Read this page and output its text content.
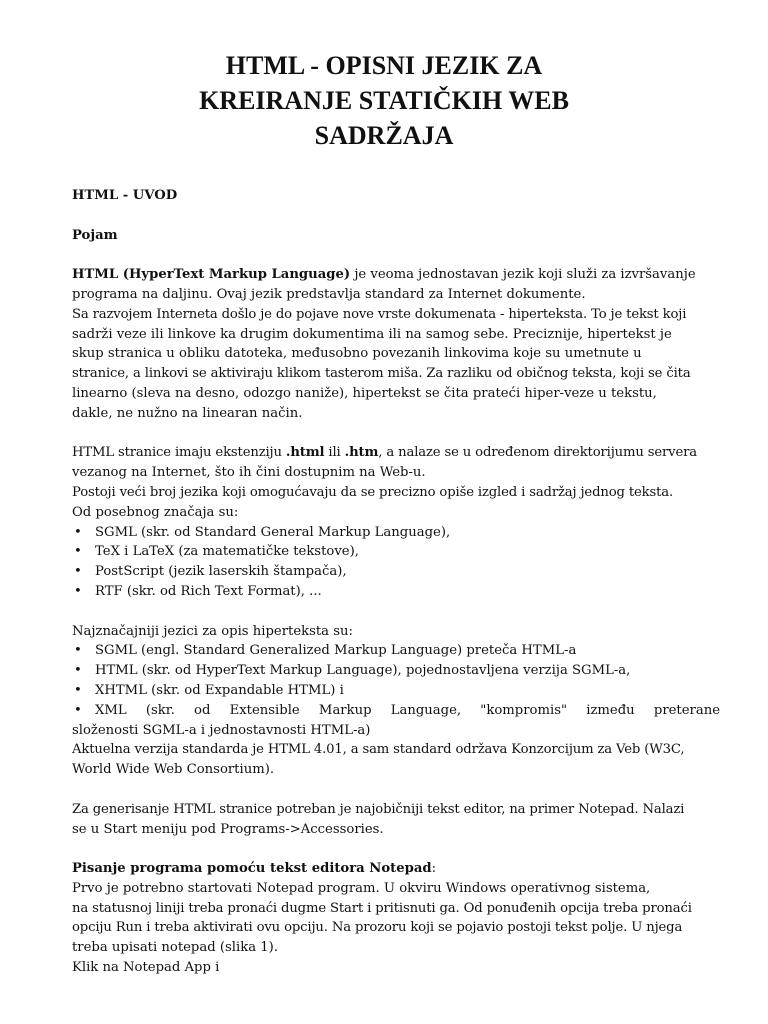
HTML - OPISNI JEZIK ZA
KREIRANJE STATIČKIH WEB
SADRŽAJA

HTML - UVOD

Pojam

HTML (HyperText Markup Language) je veoma jednostavan jezik koji služi za izvršavanje

programa na daljinu. Ovaj jezik predstavlja standard za Internet dokumente.

Sa razvojem Interneta došlo je do pojave nove vrste dokumenata - hiperteksta. To je tekst koji

sadrži veze ili linkove ka drugim dokumentima ili na samog sebe. Preciznije, hipertekst je

skup stranica u obliku datoteka, međusobno povezanih linkovima koje su umetnute u

stranice, a linkovi se aktiviraju klikom tasterom miša. Za razliku od običnog teksta, koji se čita

linearno (sleva na desno, odozgo naniže), hipertekst se čita prateći hiper-veze u tekstu,

dakle, ne nužno na linearan način.

HTML stranice imaju ekstenziju .html ili .htm, a nalaze se u određenom direktorijumu servera

vezanog na Internet, što ih čini dostupnim na Web-u.

Postoji veći broj jezika koji omogućavaju da se precizno opiše izgled i sadržaj jednog teksta.

Od posebnog značaja su:

• SGML (skr. od Standard General Markup Language),
• TeX i LaTeX (za matematičke tekstove),
• PostScript (jezik laserskih štampača),
• RTF (skr. od Rich Text Format), ...

Najznačajniji jezici za opis hiperteksta su:

• SGML (engl. Standard Generalized Markup Language) preteča HTML-a
• HTML (skr. od HyperText Markup Language), pojednostavljena verzija SGML-a,
• XHTML (skr. od Expandable HTML) i
• XML (skr. od Extensible Markup Language, "kompromis" između preterane

složenosti SGML-a i jednostavnosti HTML-a)

Aktuelna verzija standarda je HTML 4.01, a sam standard održava Konzorcijum za Veb (W3C,

World Wide Web Consortium).

Za generisanje HTML stranice potreban je najobičniji tekst editor, na primer Notepad. Nalazi

se u Start meniju pod Programs->Accessories.

Pisanje programa pomoću tekst editora Notepad:

Prvo je potrebno startovati Notepad program. U okviru Windows operativnog sistema,

na statusnoj liniji treba pronaći dugme Start i pritisnuti ga. Od ponuđenih opcija treba pronaći

opciju Run i treba aktivirati ovu opciju. Na prozoru koji se pojavio postoji tekst polje. U njega

treba upisati notepad (slika 1).

Klik na Notepad App i
